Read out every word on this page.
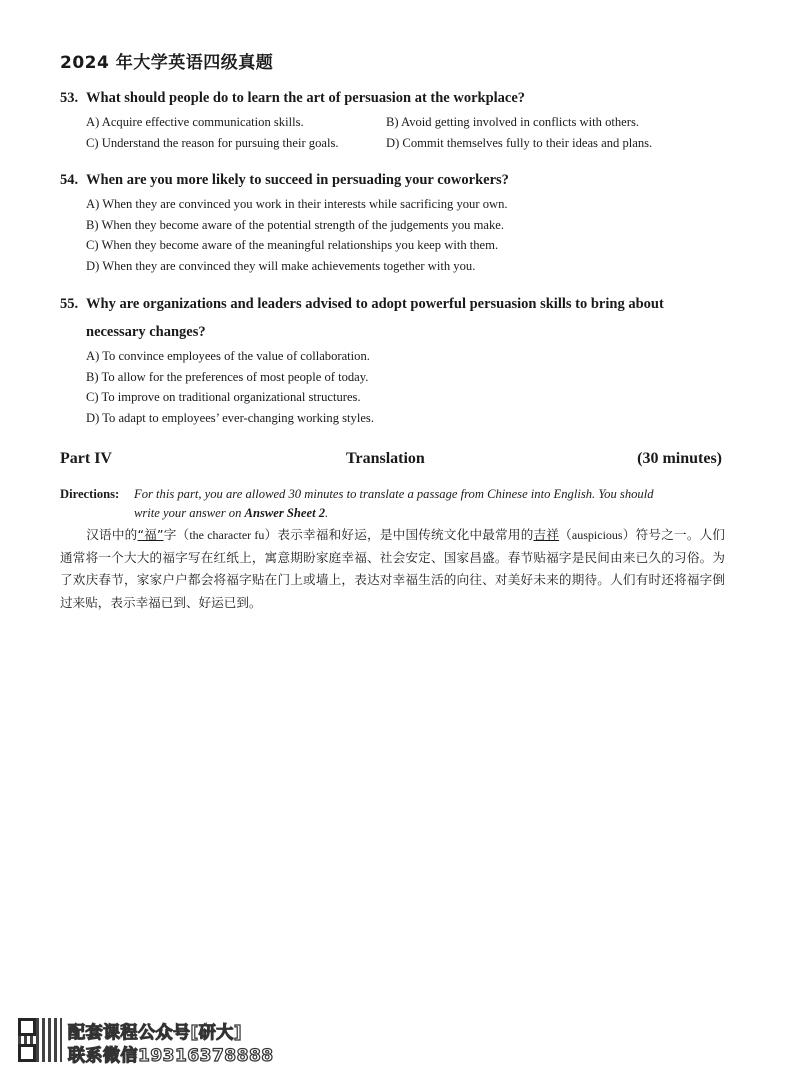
2024 年大学英语四级真题
53. What should people do to learn the art of persuasion at the workplace?
A) Acquire effective communication skills.	B) Avoid getting involved in conflicts with others.
C) Understand the reason for pursuing their goals.	D) Commit themselves fully to their ideas and plans.
54. When are you more likely to succeed in persuading your coworkers?
A) When they are convinced you work in their interests while sacrificing your own.
B) When they become aware of the potential strength of the judgements you make.
C) When they become aware of the meaningful relationships you keep with them.
D) When they are convinced they will make achievements together with you.
55. Why are organizations and leaders advised to adopt powerful persuasion skills to bring about
necessary changes?
A) To convince employees of the value of collaboration.
B) To allow for the preferences of most people of today.
C) To improve on traditional organizational structures.
D) To adapt to employees’ ever-changing working styles.
Part IV	Translation	(30 minutes)
Directions: For this part, you are allowed 30 minutes to translate a passage from Chinese into English. You should
write your answer on Answer Sheet 2.
汉语中的“福”字（the character fu）表示幸福和好运，是中国传统文化中最常用的吉祥（auspicious）符号之一。人们通常将一个大大的福字写在红纸上，寓意期盼家庭幸福、社会安定、国家昌盛。春节贴福字是民间由来已久的习俗。为了欢庆春节，家家户户都会将福字贴在门上或墙上，表达对幸福生活的向往、对美好未来的期待。人们有时还将福字倒过来贴，表示幸福已到、好运已到。
配套课程公众号[研大]
联系微信19316378888
